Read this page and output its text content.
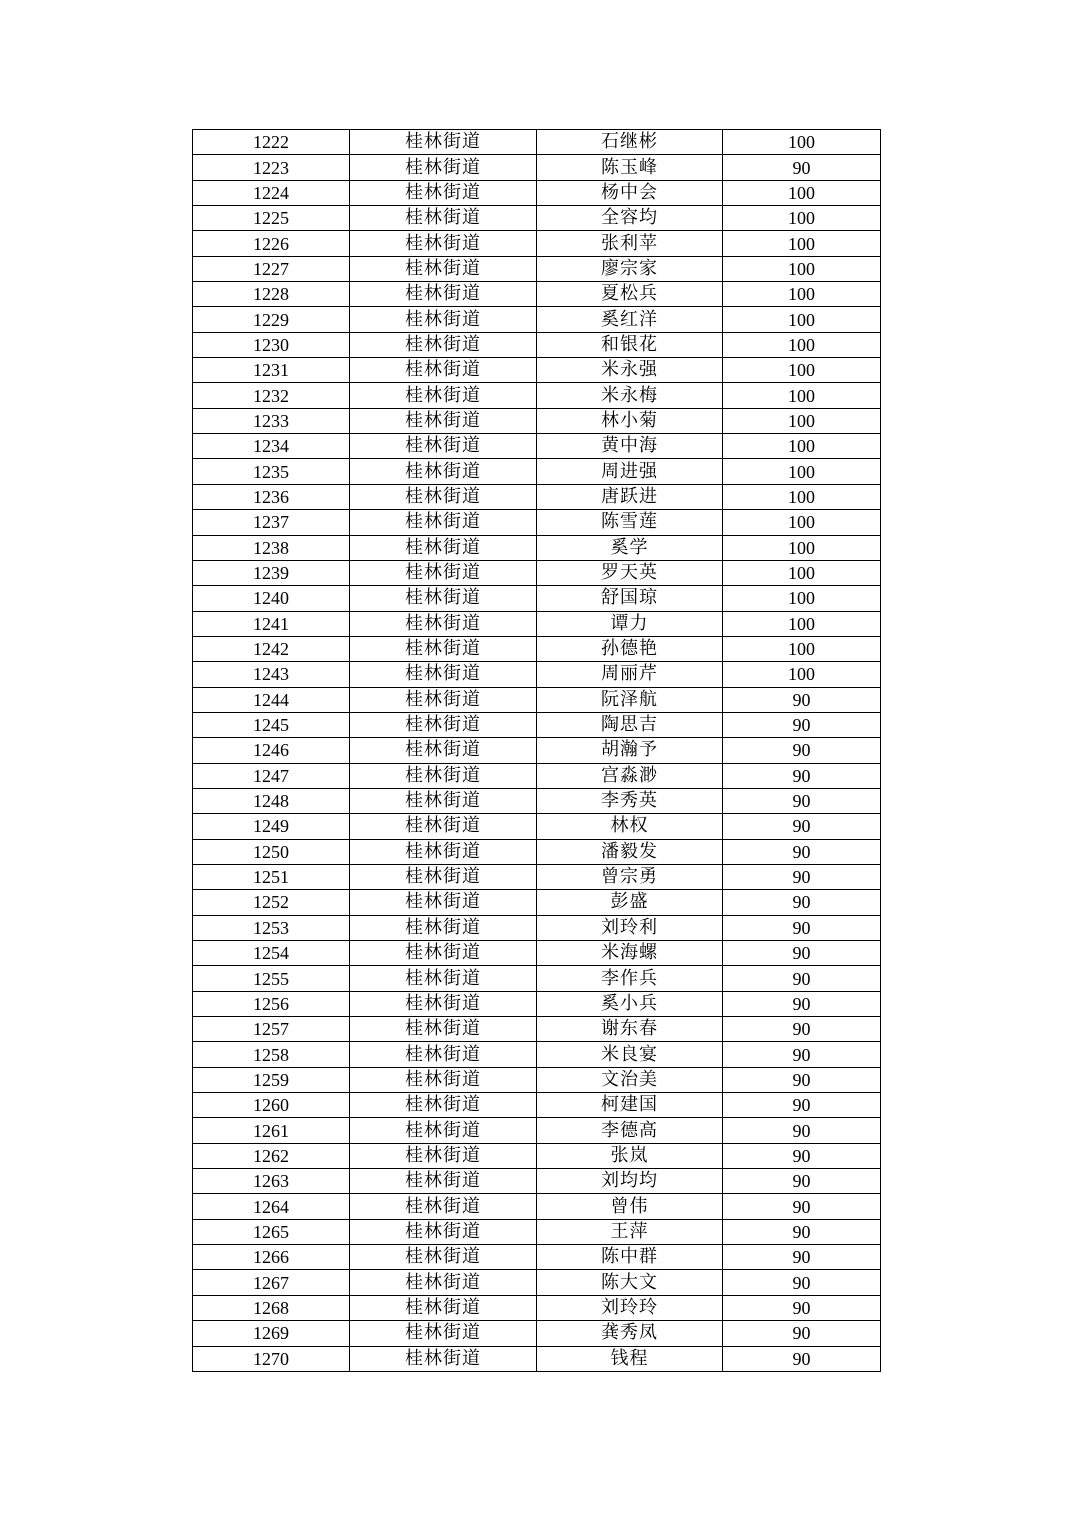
1222	桂林街道	石继彬	100
1223	桂林街道	陈玉峰	90
1224	桂林街道	杨中会	100
1225	桂林街道	全容均	100
1226	桂林街道	张利苹	100
1227	桂林街道	廖宗家	100
1228	桂林街道	夏松兵	100
1229	桂林街道	奚红洋	100
1230	桂林街道	和银花	100
1231	桂林街道	米永强	100
1232	桂林街道	米永梅	100
1233	桂林街道	林小菊	100
1234	桂林街道	黄中海	100
1235	桂林街道	周进强	100
1236	桂林街道	唐跃进	100
1237	桂林街道	陈雪莲	100
1238	桂林街道	奚学	100
1239	桂林街道	罗天英	100
1240	桂林街道	舒国琼	100
1241	桂林街道	谭力	100
1242	桂林街道	孙德艳	100
1243	桂林街道	周丽芹	100
1244	桂林街道	阮泽航	90
1245	桂林街道	陶思吉	90
1246	桂林街道	胡瀚予	90
1247	桂林街道	宫淼渺	90
1248	桂林街道	李秀英	90
1249	桂林街道	林权	90
1250	桂林街道	潘毅发	90
1251	桂林街道	曾宗勇	90
1252	桂林街道	彭盛	90
1253	桂林街道	刘玲利	90
1254	桂林街道	米海螺	90
1255	桂林街道	李作兵	90
1256	桂林街道	奚小兵	90
1257	桂林街道	谢东春	90
1258	桂林街道	米良宴	90
1259	桂林街道	文治美	90
1260	桂林街道	柯建国	90
1261	桂林街道	李德高	90
1262	桂林街道	张岚	90
1263	桂林街道	刘均均	90
1264	桂林街道	曾伟	90
1265	桂林街道	王萍	90
1266	桂林街道	陈中群	90
1267	桂林街道	陈大文	90
1268	桂林街道	刘玲玲	90
1269	桂林街道	龚秀凤	90
1270	桂林街道	钱程	90
